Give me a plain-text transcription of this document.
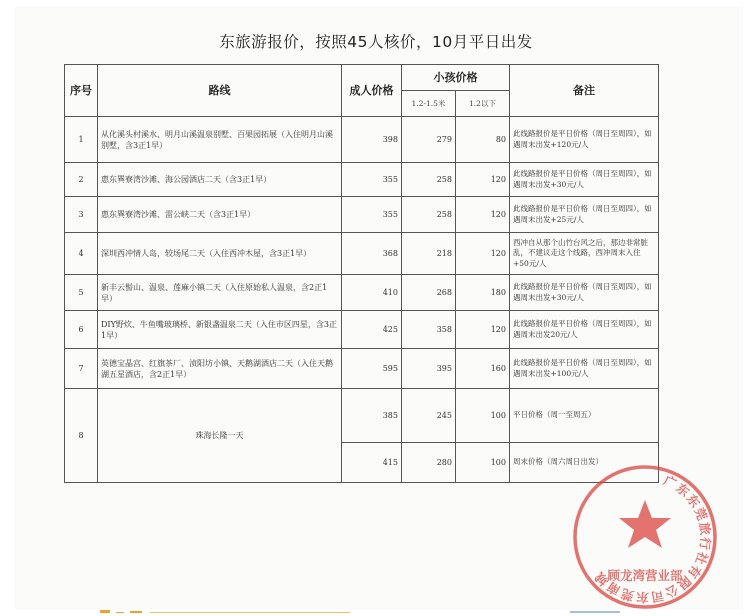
东旅游报价，按照45人核价，10月平日出发
序号	路线	成人价格	小孩价格		备注
			1.2-1.5米	1.2以下	
1	从化溪头村溪水、明月山溪温泉别墅、百果园拓展（入住明月山溪别墅，含3正1早）	398	279	80	此线路报价是平日价格（周日至周四），如遇周末出发+120元/人
2	惠东巽寮湾沙滩、海公园酒店二天（含3正1早）	355	258	120	此线路报价是平日价格（周日至周四），如遇周末出发+30元/人
3	惠东巽寮湾沙滩、雷公峡二天（含3正1早）	355	258	120	此线路报价是平日价格（周日至周四），如遇周末出发+25元/人
4	深圳西冲情人岛，较场尾二天（入住西冲木屋，含3正1早）	368	218	120	西冲自从那个山竹台风之后，那边非常脏乱，不建议走这个线路，西冲周末入住+50元/人
5	新丰云髻山、温泉、莲麻小镇二天（入住原始私人温泉，含2正1早）	410	268	180	此线路报价是平日价格（周日至周四），如遇周末出发+30元/人
6	DIY野炊、牛鱼嘴玻璃桥、新银盏温泉二天（入住市区四星，含3正1早）	425	358	120	此线路报价是平日价格（周日至周四），如遇周末出发20元/人
7	英德宝晶宫、红旗茶厂、浈阳坊小镇、天鹅湖酒店二天（入住天鹅湖五星酒店，含2正1早）	595	395	160	此线路报价是平日价格（周日至周四），如遇周末出发+100元/人
8	珠海长隆一天	385	245	100	平日价格（周一至周五）
		415	280	100	周末价格（周六周日出发）
广东东莞旅行社有限公司东莞南城
顾龙湾营业部
